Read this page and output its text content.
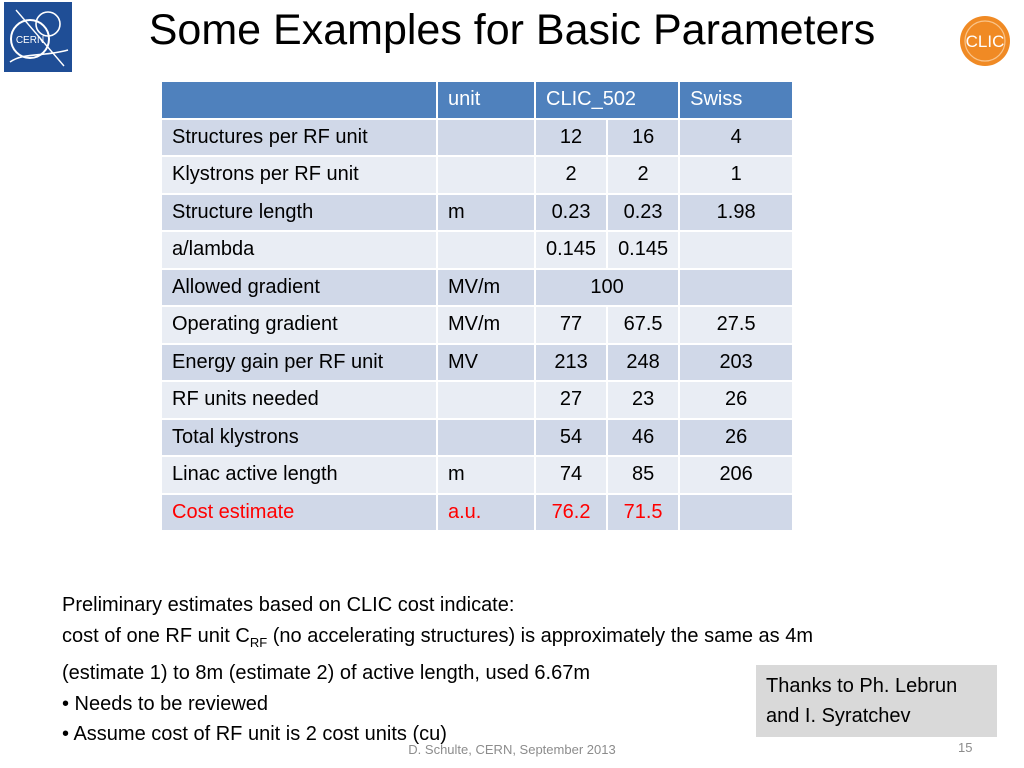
CERN	Some Examples for Basic Parameters	CLIC
	unit	CLIC_502		Swiss
Structures per RF unit		12	16	4
Klystrons per RF unit		2	2	1
Structure length	m	0.23	0.23	1.98
a/lambda		0.145	0.145	
Allowed gradient	MV/m	100		
Operating gradient	MV/m	77	67.5	27.5
Energy gain per RF unit	MV	213	248	203
RF units needed		27	23	26
Total klystrons		54	46	26
Linac active length	m	74	85	206
Cost estimate	a.u.	76.2	71.5	

Preliminary estimates based on CLIC cost indicate:

cost of one RF unit $C_{RF}$ (no accelerating structures) is approximately the same as 4m

(estimate 1) to 8m (estimate 2) of active length, used 6.67m

• Needs to be reviewed

• Assume cost of RF unit is 2 cost units (cu)

Thanks to Ph. Lebrun
and I. Syratchev
D. Schulte, CERN, September 2013	15
